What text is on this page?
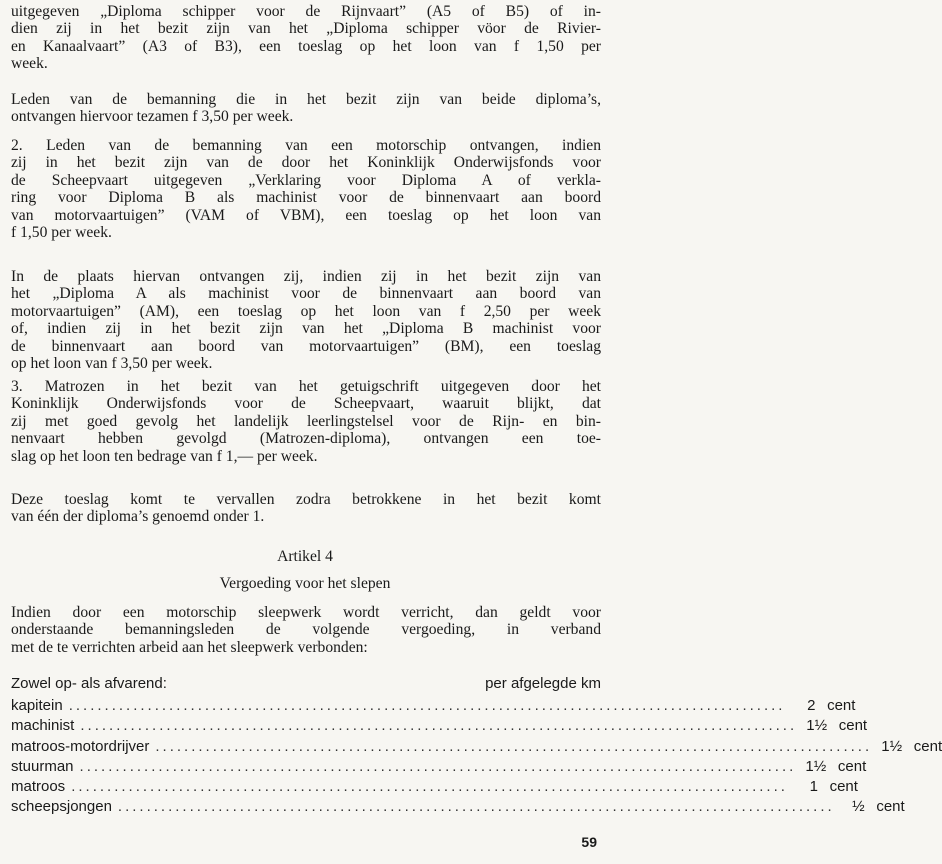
uitgegeven „Diploma schipper voor de Rijnvaart” (A5 of B5) of in-
dien zij in het bezit zijn van het „Diploma schipper vöor de Rivier-
en Kanaalvaart” (A3 of B3), een toeslag op het loon van f 1,50 per
week.

Leden van de bemanning die in het bezit zijn van beide diploma’s,
ontvangen hiervoor tezamen f 3,50 per week.

2. Leden van de bemanning van een motorschip ontvangen, indien
zij in het bezit zijn van de door het Koninklijk Onderwijsfonds voor
de Scheepvaart uitgegeven „Verklaring voor Diploma A of verkla-
ring voor Diploma B als machinist voor de binnenvaart aan boord
van motorvaartuigen” (VAM of VBM), een toeslag op het loon van
f 1,50 per week.

In de plaats hiervan ontvangen zij, indien zij in het bezit zijn van
het „Diploma A als machinist voor de binnenvaart aan boord van
motorvaartuigen” (AM), een toeslag op het loon van f 2,50 per week
of, indien zij in het bezit zijn van het „Diploma B machinist voor
de binnenvaart aan boord van motorvaartuigen” (BM), een toeslag
op het loon van f 3,50 per week.

3. Matrozen in het bezit van het getuigschrift uitgegeven door het
Koninklijk Onderwijsfonds voor de Scheepvaart, waaruit blijkt, dat
zij met goed gevolg het landelijk leerlingstelsel voor de Rijn- en bin-
nenvaart hebben gevolgd (Matrozen-diploma), ontvangen een toe-
slag op het loon ten bedrage van f 1,— per week.

Deze toeslag komt te vervallen zodra betrokkene in het bezit komt
van één der diploma’s genoemd onder 1.

Artikel 4
Vergoeding voor het slepen

Indien door een motorschip sleepwerk wordt verricht, dan geldt voor
onderstaande bemanningsleden de volgende vergoeding, in verband
met de te verrichten arbeid aan het sleepwerk verbonden:

Zowel op- als afvarend:	per afgelegde km
kapitein ....................................................................................................	2 cent
machinist .................................................................................................... 1½ cent
matroos-motordrijver .................................................................................................... 1½ cent
stuurman .................................................................................................... 1½ cent
matroos ....................................................................................................	1 cent
scheepsjongen ....................................................................................................	½ cent
59
